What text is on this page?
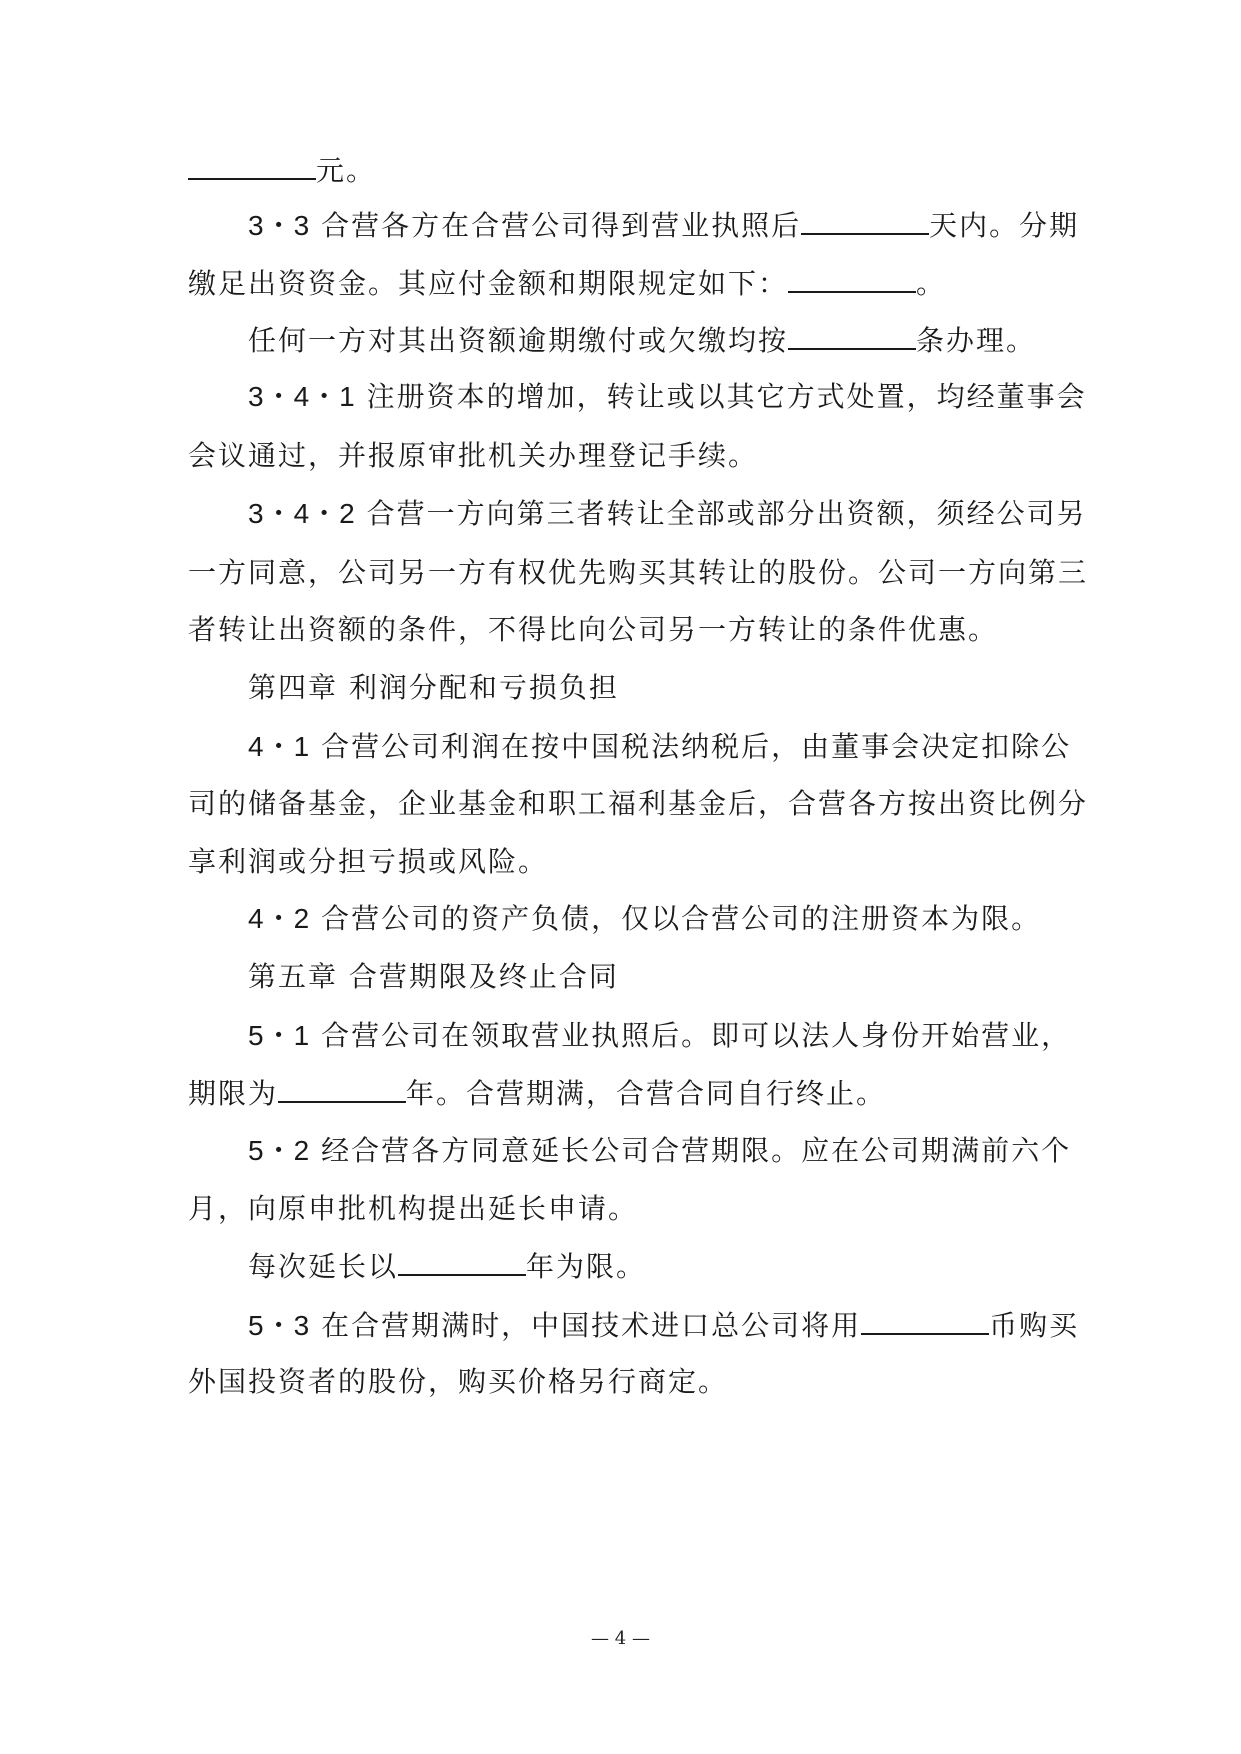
元。
3・3 合营各方在合营公司得到营业执照后	天内。分期
缴足出资资金。其应付金额和期限规定如下：	。
任何一方对其出资额逾期缴付或欠缴均按	条办理。
3・4・1 注册资本的增加，转让或以其它方式处置，均经董事会
会议通过，并报原审批机关办理登记手续。
3・4・2 合营一方向第三者转让全部或部分出资额，须经公司另
一方同意，公司另一方有权优先购买其转让的股份。公司一方向第三
者转让出资额的条件，不得比向公司另一方转让的条件优惠。
第四章 利润分配和亏损负担
4・1 合营公司利润在按中国税法纳税后，由董事会决定扣除公
司的储备基金，企业基金和职工福利基金后，合营各方按出资比例分
享利润或分担亏损或风险。
4・2 合营公司的资产负债，仅以合营公司的注册资本为限。
第五章 合营期限及终止合同
5・1 合营公司在领取营业执照后。即可以法人身份开始营业，
期限为	年。合营期满，合营合同自行终止。
5・2 经合营各方同意延长公司合营期限。应在公司期满前六个
月，向原申批机构提出延长申请。
每次延长以	年为限。
5・3 在合营期满时，中国技术进口总公司将用	币购买
外国投资者的股份，购买价格另行商定。
— 4 —
